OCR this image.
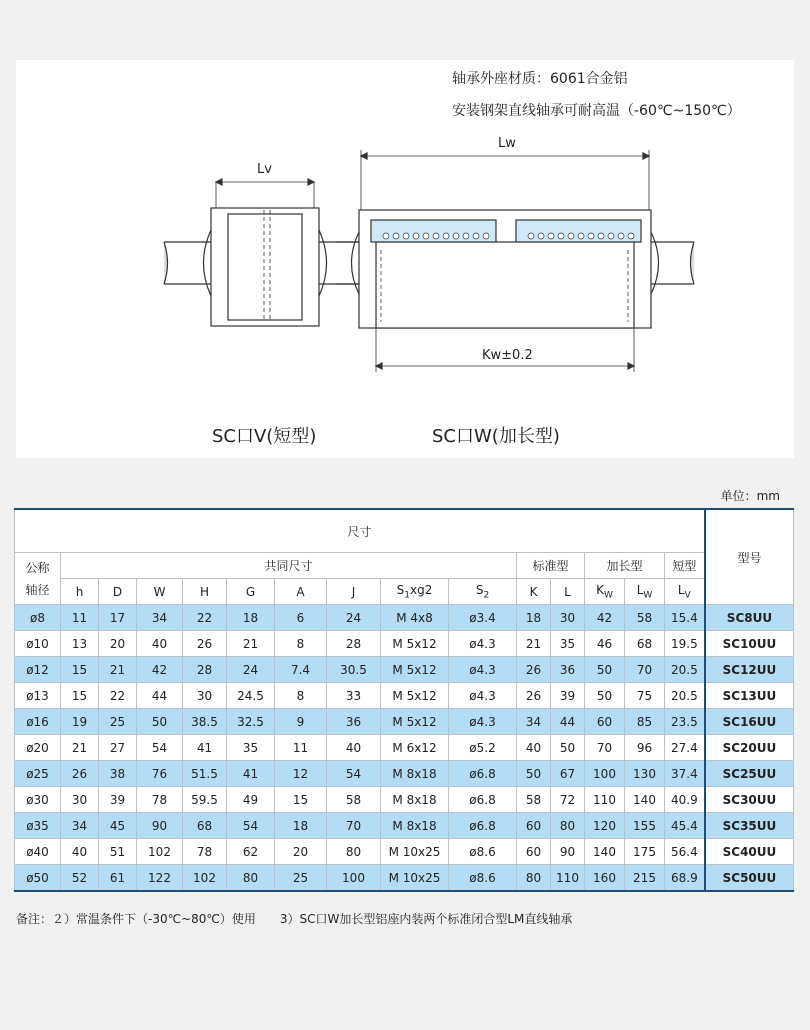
轴承外座材质：6061合金铝
安装钢架直线轴承可耐高温（-60℃~150℃）
Lv
Lw
Kw±0.2
SC口V(短型)	SC口W(加长型)
单位：mm
尺寸															型号

公称
轴径	共同尺寸									标准型		加长型		短型	
	h	D	W	H	G	A	J	$S_1xg2$	$S_2$	K	L	$K_W$	$L_W$	$L_V$
ø8	11	17	34	22	18	6	24	M 4x8	ø3.4	18	30	42	58	15.4	SC8UU
ø10	13	20	40	26	21	8	28	M 5x12	ø4.3	21	35	46	68	19.5	SC10UU
ø12	15	21	42	28	24	7.4	30.5	M 5x12	ø4.3	26	36	50	70	20.5	SC12UU
ø13	15	22	44	30	24.5	8	33	M 5x12	ø4.3	26	39	50	75	20.5	SC13UU
ø16	19	25	50	38.5	32.5	9	36	M 5x12	ø4.3	34	44	60	85	23.5	SC16UU
ø20	21	27	54	41	35	11	40	M 6x12	ø5.2	40	50	70	96	27.4	SC20UU
ø25	26	38	76	51.5	41	12	54	M 8x18	ø6.8	50	67	100	130	37.4	SC25UU
ø30	30	39	78	59.5	49	15	58	M 8x18	ø6.8	58	72	110	140	40.9	SC30UU
ø35	34	45	90	68	54	18	70	M 8x18	ø6.8	60	80	120	155	45.4	SC35UU
ø40	40	51	102	78	62	20	80	M 10x25	ø8.6	60	90	140	175	56.4	SC40UU
ø50	52	61	122	102	80	25	100	M 10x25	ø8.6	80	110	160	215	68.9	SC50UU
备注：２）常温条件下（-30℃~80℃）使用　　3）SC口W加长型铝座内装两个标准闭合型LM直线轴承
